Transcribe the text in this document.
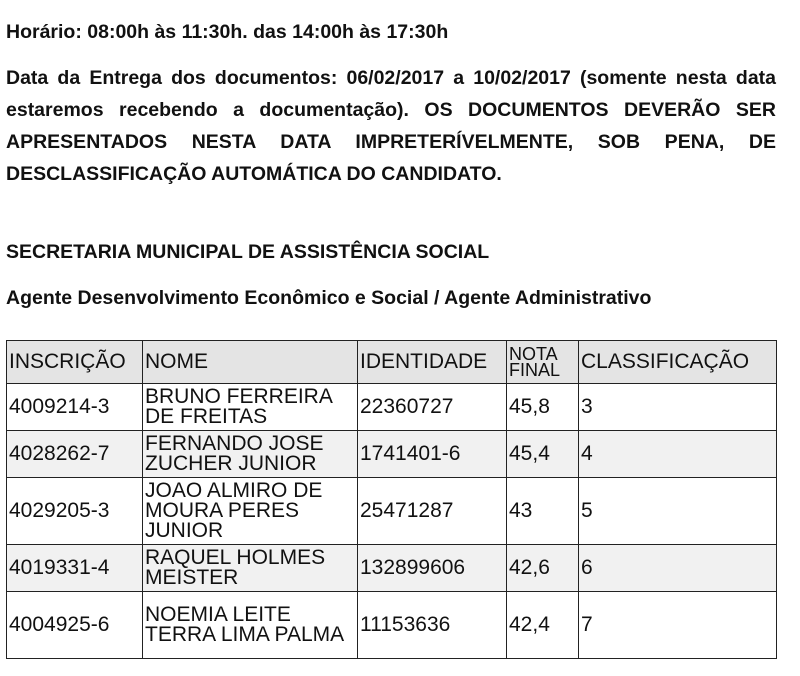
Horário: 08:00h às 11:30h. das 14:00h às 17:30h

Data da Entrega dos documentos: 06/02/2017 a 10/02/2017 (somente nesta data estaremos recebendo a documentação). OS DOCUMENTOS DEVERÃO SER APRESENTADOS NESTA DATA IMPRETERÍVELMENTE, SOB PENA, DE DESCLASSIFICAÇÃO AUTOMÁTICA DO CANDIDATO.

SECRETARIA MUNICIPAL DE ASSISTÊNCIA SOCIAL

Agente Desenvolvimento Econômico e Social / Agente Administrativo

INSCRIÇÃO	NOME	IDENTIDADE	NOTA FINAL	CLASSIFICAÇÃO
4009214-3	BRUNO FERREIRA DE FREITAS	22360727	45,8	3
4028262-7	FERNANDO JOSE ZUCHER JUNIOR	1741401-6	45,4	4
4029205-3	JOAO ALMIRO DE MOURA PERES JUNIOR	25471287	43	5
4019331-4	RAQUEL HOLMES MEISTER	132899606	42,6	6
4004925-6	NOEMIA LEITE TERRA LIMA PALMA	11153636	42,4	7
